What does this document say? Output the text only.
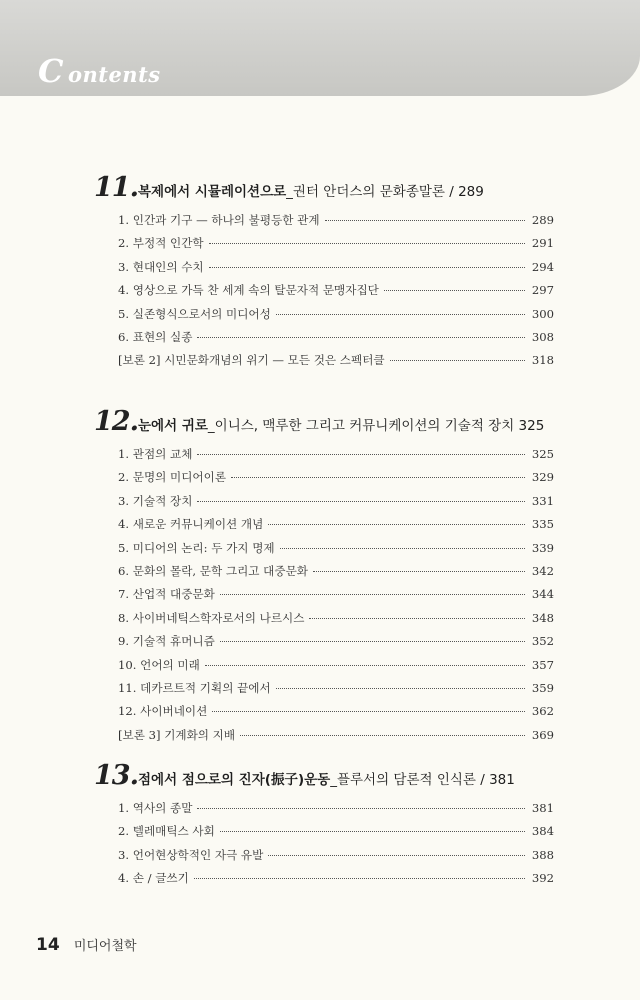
Contents
11. 복제에서 시뮬레이션으로_권터 안더스의 문화종말론 / 289
1. 인간과 기구 — 하나의 불평등한 관계	289
2. 부정적 인간학	291
3. 현대인의 수치	294
4. 영상으로 가득 찬 세계 속의 탈문자적 문맹자집단	297
5. 실존형식으로서의 미디어성	300
6. 표현의 실종	308
[보론 2] 시민문화개념의 위기 — 모든 것은 스펙터클	318
12. 눈에서 귀로_이니스, 맥루한 그리고 커뮤니케이션의 기술적 장치 325
1. 관점의 교체	325
2. 문명의 미디어이론	329
3. 기술적 장치	331
4. 새로운 커뮤니케이션 개념	335
5. 미디어의 논리: 두 가지 명제	339
6. 문화의 몰락, 문학 그리고 대중문화	342
7. 산업적 대중문화	344
8. 사이버네틱스학자로서의 나르시스	348
9. 기술적 휴머니즘	352
10. 언어의 미래	357
11. 데카르트적 기획의 끝에서	359
12. 사이버네이션	362
[보론 3] 기계화의 지배	369
13. 점에서 점으로의 진자(振子)운동_플루서의 담론적 인식론 / 381
1. 역사의 종말	381
2. 텔레매틱스 사회	384
3. 언어현상학적인 자극 유발	388
4. 손 / 글쓰기	392
14 미디어철학
